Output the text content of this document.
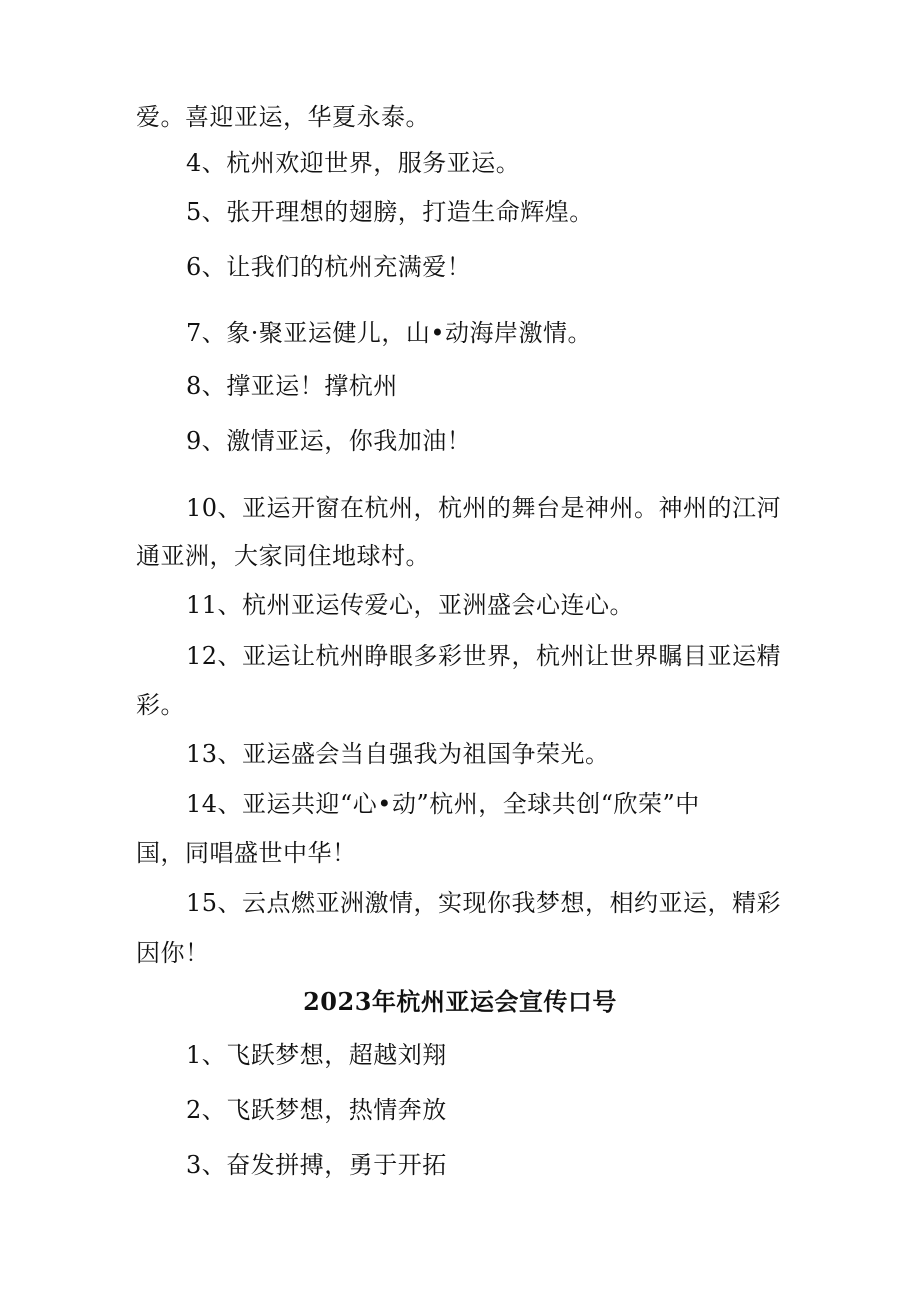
爱。喜迎亚运，华夏永泰。
4、杭州欢迎世界，服务亚运。
5、张开理想的翅膀，打造生命辉煌。
6、让我们的杭州充满爱！
7、象·聚亚运健儿，山•动海岸激情。
8、撑亚运！撑杭州
9、激情亚运，你我加油！
10、亚运开窗在杭州，杭州的舞台是神州。神州的江河
通亚洲，大家同住地球村。
11、杭州亚运传爱心，亚洲盛会心连心。
12、亚运让杭州睁眼多彩世界，杭州让世界瞩目亚运精
彩。
13、亚运盛会当自强我为祖国争荣光。
14、亚运共迎“心•动”杭州，全球共创“欣荣”中
国，同唱盛世中华！
15、云点燃亚洲激情，实现你我梦想，相约亚运，精彩
因你！
2023年杭州亚运会宣传口号
1、飞跃梦想，超越刘翔
2、飞跃梦想，热情奔放
3、奋发拼搏，勇于开拓
